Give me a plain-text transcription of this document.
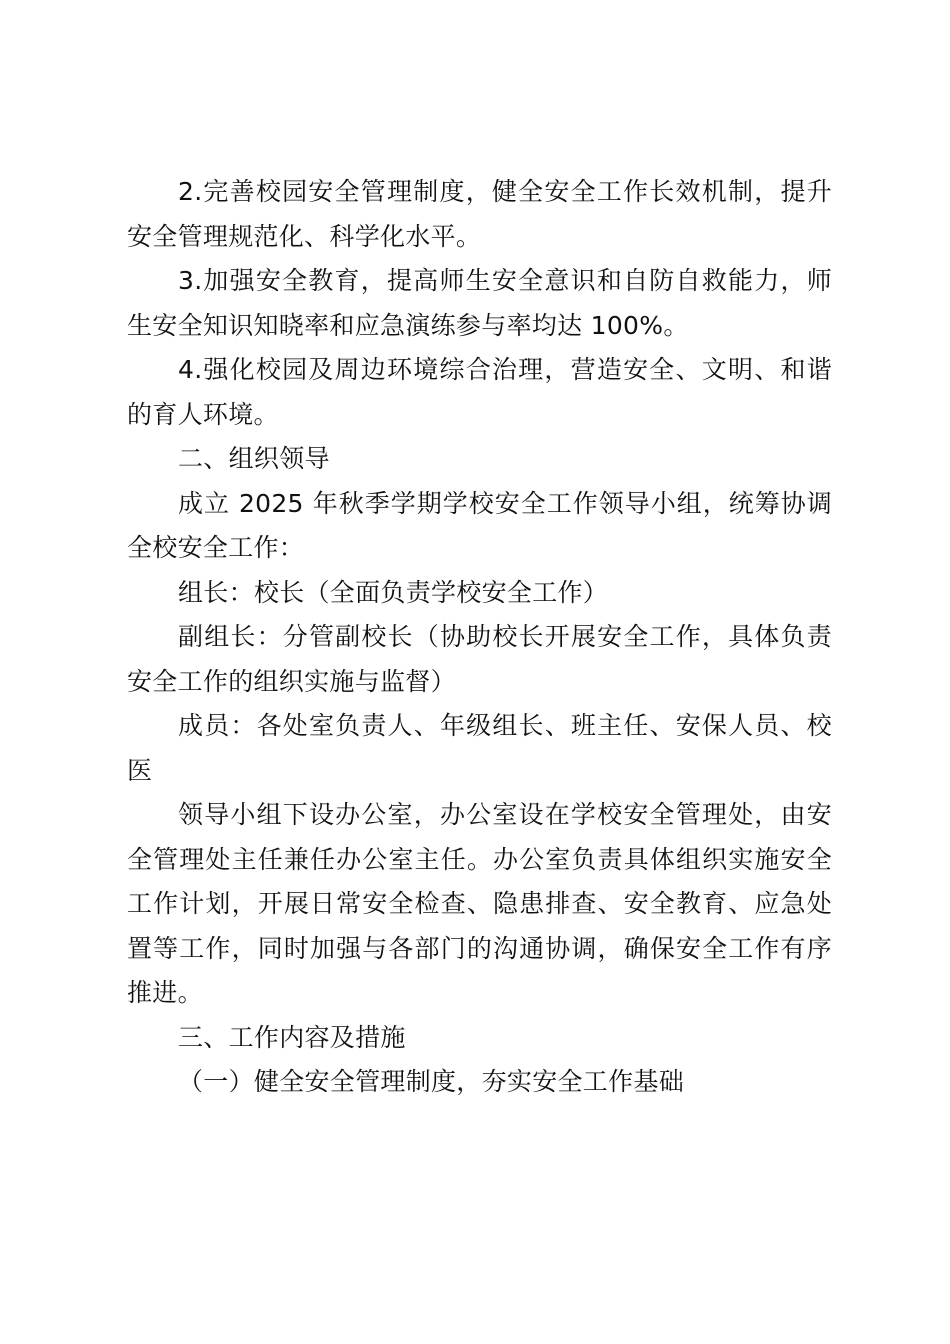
2.完善校园安全管理制度，健全安全工作长效机制，提升安全管理规范化、科学化水平。

3.加强安全教育，提高师生安全意识和自防自救能力，师生安全知识知晓率和应急演练参与率均达 100%。

4.强化校园及周边环境综合治理，营造安全、文明、和谐的育人环境。

二、组织领导

成立 2025 年秋季学期学校安全工作领导小组，统筹协调全校安全工作：

组长：校长（全面负责学校安全工作）

副组长：分管副校长（协助校长开展安全工作，具体负责安全工作的组织实施与监督）

成员：各处室负责人、年级组长、班主任、安保人员、校医

领导小组下设办公室，办公室设在学校安全管理处，由安全管理处主任兼任办公室主任。办公室负责具体组织实施安全工作计划，开展日常安全检查、隐患排查、安全教育、应急处置等工作，同时加强与各部门的沟通协调，确保安全工作有序推进。

三、工作内容及措施

（一）健全安全管理制度，夯实安全工作基础
